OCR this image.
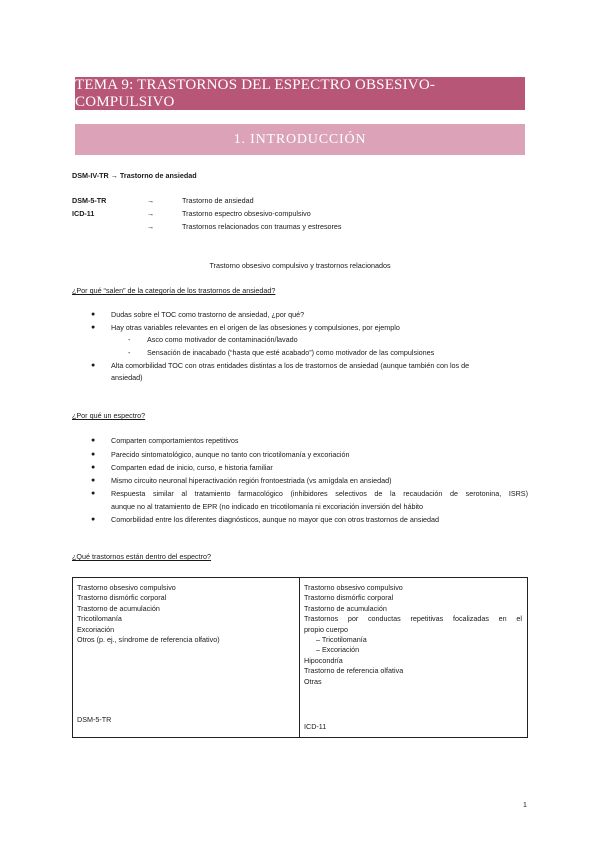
TEMA 9: TRASTORNOS DEL ESPECTRO OBSESIVO-COMPULSIVO
1. INTRODUCCIÓN
DSM-IV-TR → Trastorno de ansiedad
DSM-5-TR	→	Trastorno de ansiedad
ICD-11	→	Trastorno espectro obsesivo-compulsivo
→	Trastornos relacionados con traumas y estresores
Trastorno obsesivo compulsivo y trastornos relacionados
¿Por qué “salen” de la categoría de los trastornos de ansiedad?
● Dudas sobre el TOC como trastorno de ansiedad, ¿por qué?
● Hay otras variables relevantes en el origen de las obsesiones y compulsiones, por ejemplo
- Asco como motivador de contaminación/lavado
- Sensación de inacabado (“hasta que esté acabado”) como motivador de las compulsiones
● Alta comorbilidad TOC con otras entidades distintas a los de trastornos de ansiedad (aunque también con los de
ansiedad)
¿Por qué un espectro?
● Comparten comportamientos repetitivos
● Parecido sintomatológico, aunque no tanto con tricotilomanía y excoriación
● Comparten edad de inicio, curso, e historia familiar
● Mismo circuito neuronal hiperactivación región frontoestriada (vs amígdala en ansiedad)
● Respuesta similar al tratamiento farmacológico (inhibidores selectivos de la recaudación de serotonina, ISRS)
aunque no al tratamiento de EPR (no indicado en tricotilomanía ni excoriación inversión del hábito
● Comorbilidad entre los diferentes diagnósticos, aunque no mayor que con otros trastornos de ansiedad
¿Qué trastornos están dentro del espectro?
Trastorno obsesivo compulsivo
Trastorno dismórfic corporal
Trastorno de acumulación
Tricotilomanía
Excoriación
Otros (p. ej., síndrome de referencia olfativo)
DSM-5-TR

Trastorno obsesivo compulsivo
Trastorno dismórfic corporal
Trastorno de acumulación
Trastornos por conductas repetitivas focalizadas en el
propio cuerpo
– Tricotilomanía
– Excoriación
Hipocondría
Trastorno de referencia olfativa
Otras
ICD-11
1
